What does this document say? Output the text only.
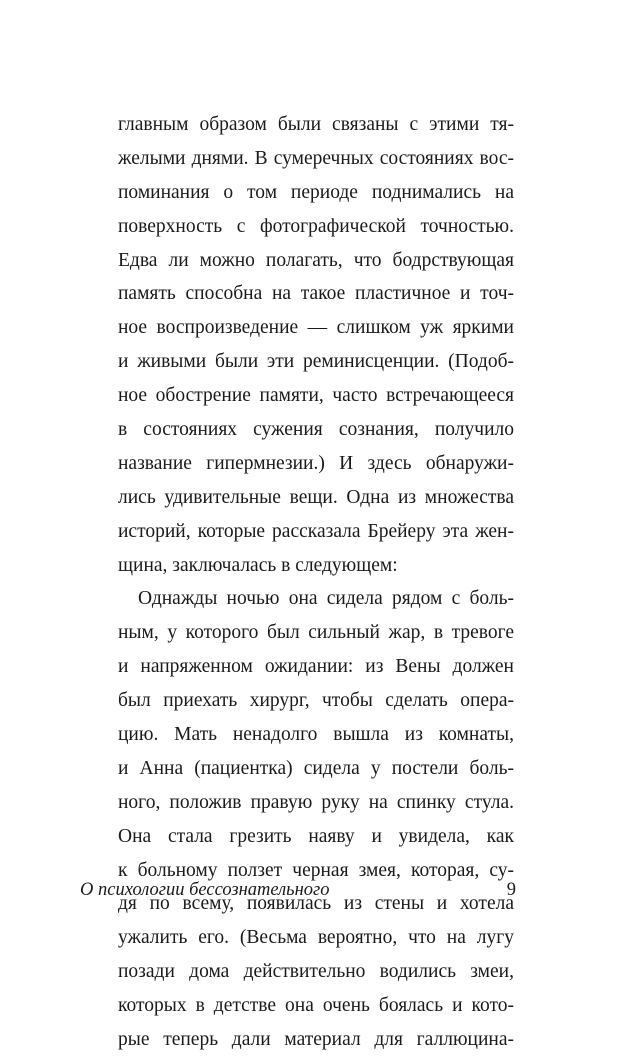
главным образом были связаны с этими тя-
желыми днями. В сумеречных состояниях вос-
поминания о том периоде поднимались на
поверхность с фотографической точностью.
Едва ли можно полагать, что бодрствующая
память способна на такое пластичное и точ-
ное воспроизведение — слишком уж яркими
и живыми были эти реминисценции. (Подоб-
ное обострение памяти, часто встречающееся
в состояниях сужения сознания, получило
название гипермнезии.) И здесь обнаружи-
лись удивительные вещи. Одна из множества
историй, которые рассказала Брейеру эта жен-
щина, заключалась в следующем:
Однажды ночью она сидела рядом с боль-
ным, у которого был сильный жар, в тревоге
и напряженном ожидании: из Вены должен
был приехать хирург, чтобы сделать опера-
цию. Мать ненадолго вышла из комнаты,
и Анна (пациентка) сидела у постели боль-
ного, положив правую руку на спинку стула.
Она стала грезить наяву и увидела, как
к больному ползет черная змея, которая, су-
дя по всему, появилась из стены и хотела
ужалить его. (Весьма вероятно, что на лугу
позади дома действительно водились змеи,
которых в детстве она очень боялась и кото-
рые теперь дали материал для галлюцина-
О психологии бессознательного	9
